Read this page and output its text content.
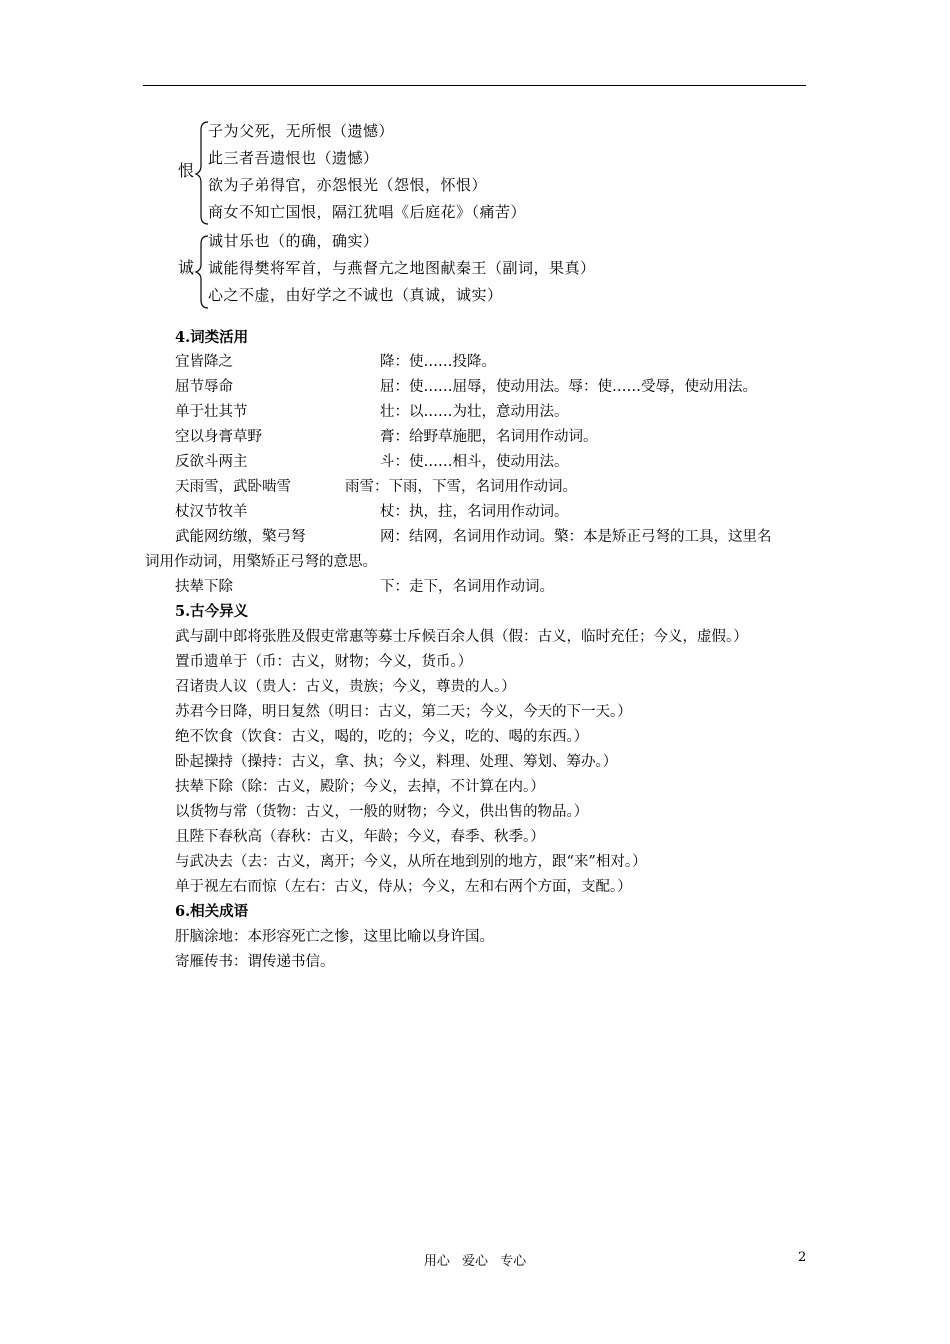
恨
子为父死，无所恨（遗憾）
此三者吾遗恨也（遗憾）
欲为子弟得官，亦怨恨光（怨恨，怀恨）
商女不知亡国恨，隔江犹唱《后庭花》（痛苦）
诚
诚甘乐也（的确，确实）
诚能得樊将军首，与燕督亢之地图献秦王（副词，果真）
心之不虚，由好学之不诚也（真诚，诚实）
4.词类活用
宜皆降之	降：使……投降。
屈节辱命	屈：使……屈辱，使动用法。辱：使……受辱，使动用法。
单于壮其节	壮：以……为壮，意动用法。
空以身膏草野	膏：给野草施肥，名词用作动词。
反欲斗两主	斗：使……相斗，使动用法。
天雨雪，武卧啮雪	雨雪：下雨，下雪，名词用作动词。
杖汉节牧羊	杖：执，拄，名词用作动词。
武能网纺缴，檠弓弩	网：结网，名词用作动词。檠：本是矫正弓弩的工具，这里名
词用作动词，用檠矫正弓弩的意思。
扶辇下除	下：走下，名词用作动词。
5.古今异义
武与副中郎将张胜及假吏常惠等募士斥候百余人俱（假：古义，临时充任；今义，虚假。）
置币遗单于（币：古义，财物；今义，货币。）
召诸贵人议（贵人：古义，贵族；今义，尊贵的人。）
苏君今日降，明日复然（明日：古义，第二天；今义，今天的下一天。）
绝不饮食（饮食：古义，喝的，吃的；今义，吃的、喝的东西。）
卧起操持（操持：古义，拿、执；今义，料理、处理、筹划、筹办。）
扶辇下除（除：古义，殿阶；今义，去掉，不计算在内。）
以货物与常（货物：古义，一般的财物；今义，供出售的物品。）
且陛下春秋高（春秋：古义，年龄；今义，春季、秋季。）
与武决去（去：古义，离开；今义，从所在地到别的地方，跟“来”相对。）
单于视左右而惊（左右：古义，侍从；今义，左和右两个方面，支配。）
6.相关成语
肝脑涂地：本形容死亡之惨，这里比喻以身许国。
寄雁传书：谓传递书信。
用心 爱心 专心	2
